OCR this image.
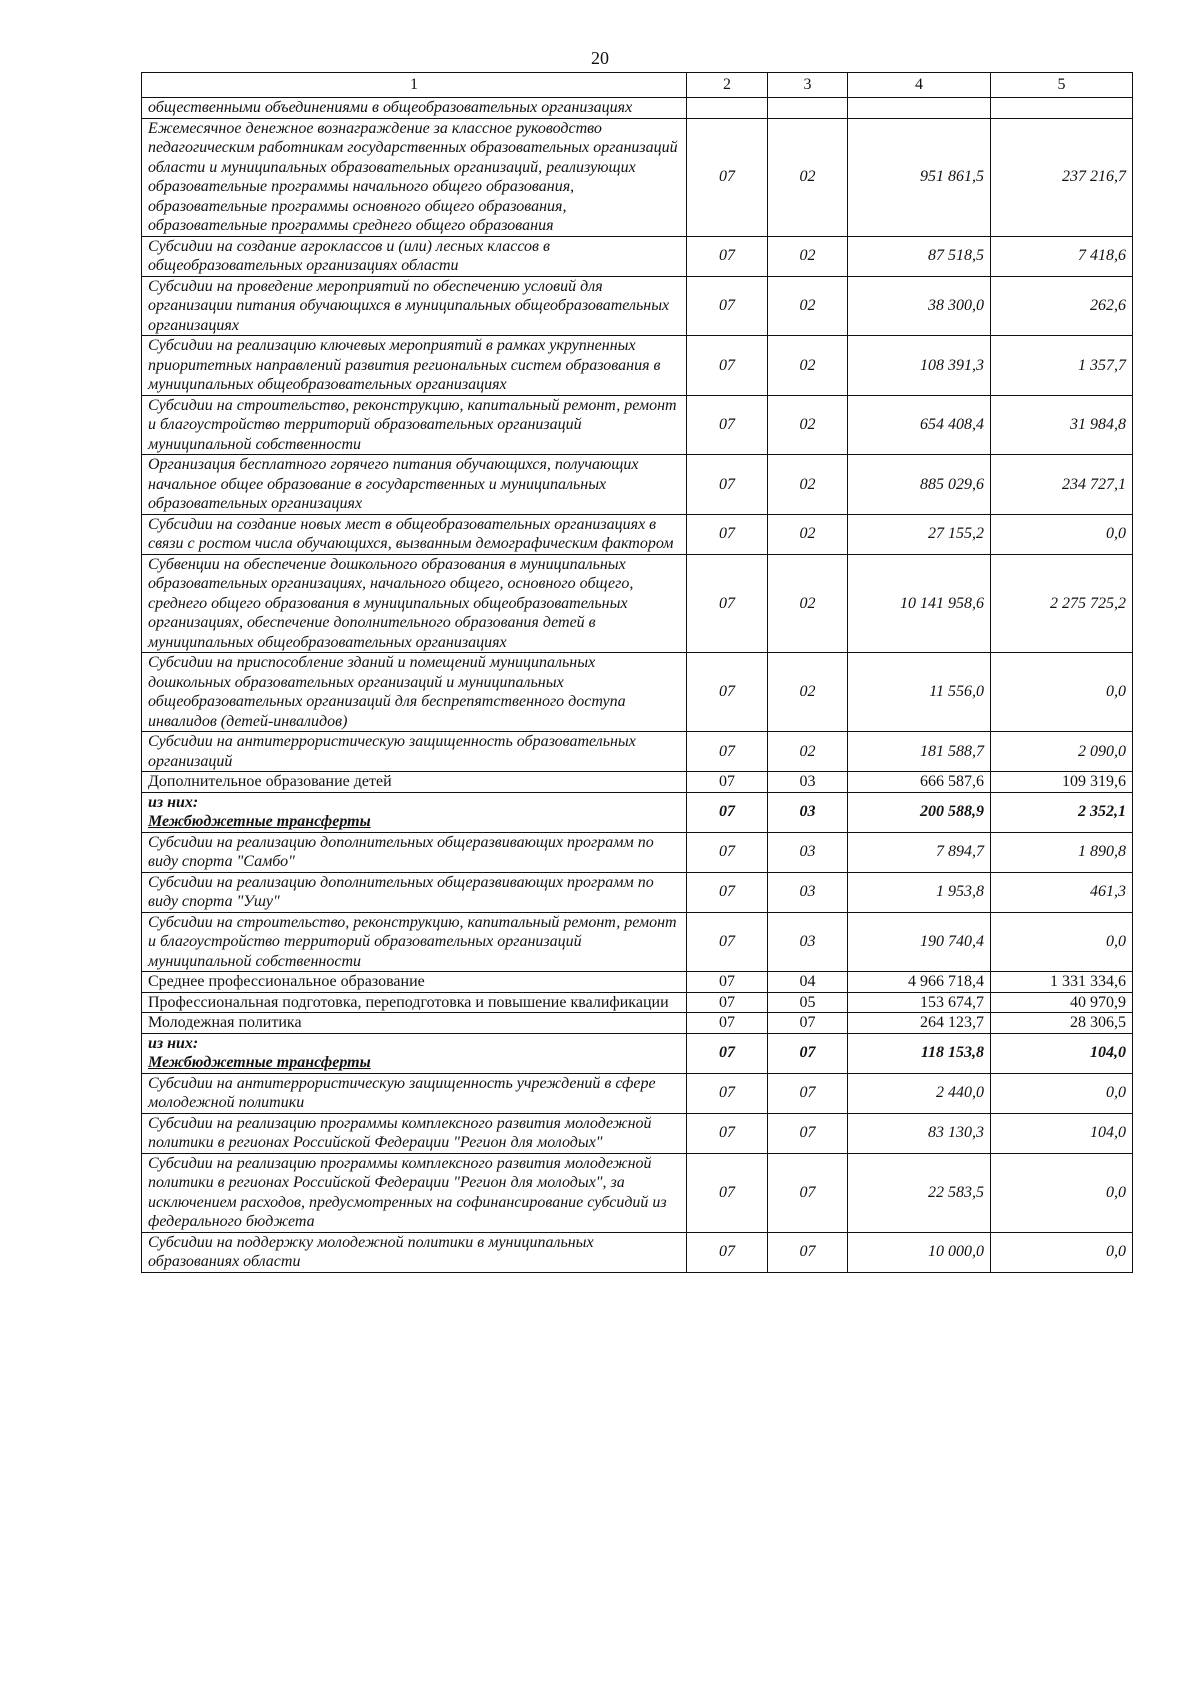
20
1	2	3	4	5
общественными объединениями в общеобразовательных организациях				
Ежемесячное денежное вознаграждение за классное руководство педагогическим работникам государственных образовательных организаций области и муниципальных образовательных организаций, реализующих образовательные программы начального общего образования, образовательные программы основного общего образования, образовательные программы среднего общего образования	07	02	951 861,5	237 216,7
Субсидии на создание агроклассов и (или) лесных классов в общеобразовательных организациях области	07	02	87 518,5	7 418,6
Субсидии на проведение мероприятий по обеспечению условий для организации питания обучающихся в муниципальных общеобразовательных организациях	07	02	38 300,0	262,6
Субсидии на реализацию ключевых мероприятий в рамках укрупненных приоритетных направлений развития региональных систем образования в муниципальных общеобразовательных организациях	07	02	108 391,3	1 357,7
Субсидии на строительство, реконструкцию, капитальный ремонт, ремонт и благоустройство территорий образовательных организаций муниципальной собственности	07	02	654 408,4	31 984,8
Организация бесплатного горячего питания обучающихся, получающих начальное общее образование в государственных и муниципальных образовательных организациях	07	02	885 029,6	234 727,1
Субсидии на создание новых мест в общеобразовательных организациях в связи с ростом числа обучающихся, вызванным демографическим фактором	07	02	27 155,2	0,0
Субвенции на обеспечение дошкольного образования в муниципальных образовательных организациях, начального общего, основного общего, среднего общего образования в муниципальных общеобразовательных организациях, обеспечение дополнительного образования детей в муниципальных общеобразовательных организациях	07	02	10 141 958,6	2 275 725,2
Субсидии на приспособление зданий и помещений муниципальных дошкольных образовательных организаций и муниципальных общеобразовательных организаций для беспрепятственного доступа инвалидов (детей-инвалидов)	07	02	11 556,0	0,0
Субсидии на антитеррористическую защищенность образовательных организаций	07	02	181 588,7	2 090,0
Дополнительное образование детей	07	03	666 587,6	109 319,6

из них:
Межбюджетные трансферты	07	03	200 588,9	2 352,1
Субсидии на реализацию дополнительных общеразвивающих программ по виду спорта "Самбо"	07	03	7 894,7	1 890,8
Субсидии на реализацию дополнительных общеразвивающих программ по виду спорта "Ушу"	07	03	1 953,8	461,3
Субсидии на строительство, реконструкцию, капитальный ремонт, ремонт и благоустройство территорий образовательных организаций муниципальной собственности	07	03	190 740,4	0,0
Среднее профессиональное образование	07	04	4 966 718,4	1 331 334,6
Профессиональная подготовка, переподготовка и повышение квалификации	07	05	153 674,7	40 970,9
Молодежная политика	07	07	264 123,7	28 306,5

из них:
Межбюджетные трансферты	07	07	118 153,8	104,0
Субсидии на антитеррористическую защищенность учреждений в сфере молодежной политики	07	07	2 440,0	0,0
Субсидии на реализацию программы комплексного развития молодежной политики в регионах Российской Федерации "Регион для молодых"	07	07	83 130,3	104,0
Субсидии на реализацию программы комплексного развития молодежной политики в регионах Российской Федерации "Регион для молодых", за исключением расходов, предусмотренных на софинансирование субсидий из федерального бюджета	07	07	22 583,5	0,0
Субсидии на поддержку молодежной политики в муниципальных образованиях области	07	07	10 000,0	0,0
